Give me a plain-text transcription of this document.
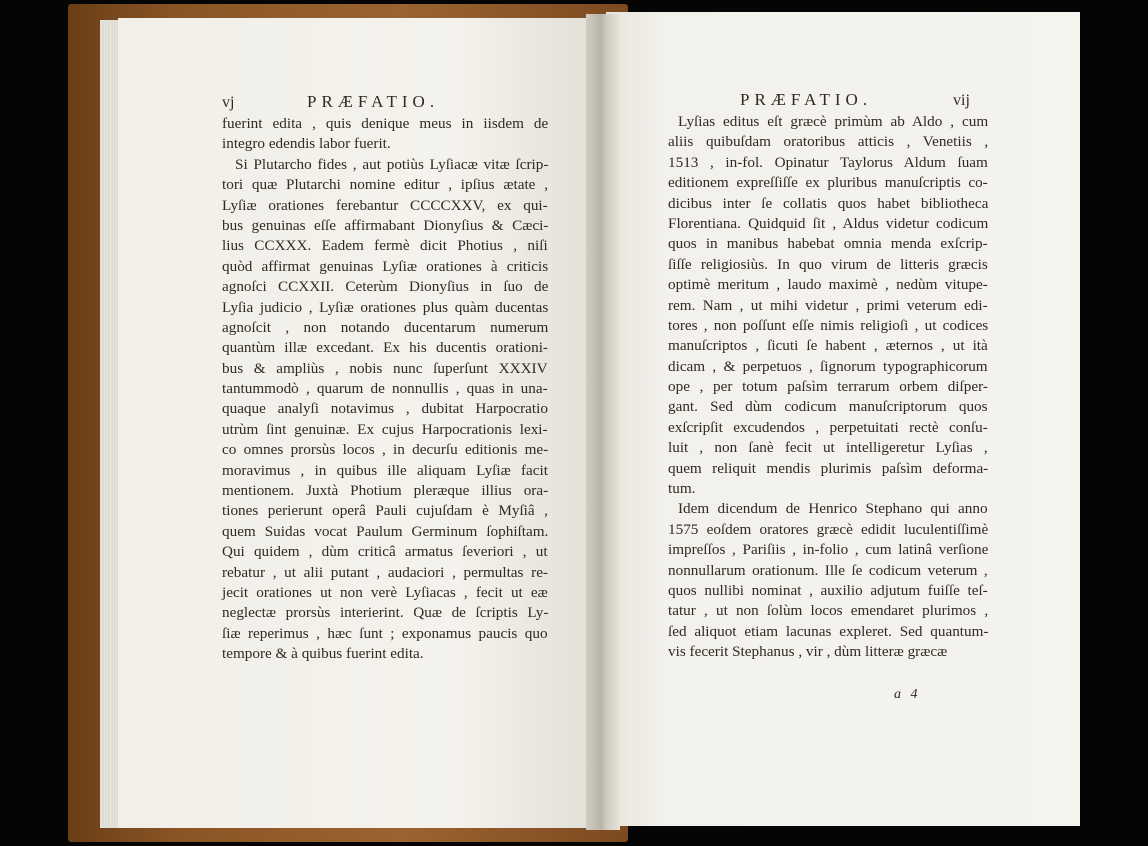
vj	PRÆFATIO.	PRÆFATIO.	vij
fuerint edita , quis denique meus in iisdem de
integro edendis labor fuerit.
Si Plutarcho fides , aut potiùs Lyſiacæ vitæ ſcrip-
tori quæ Plutarchi nomine editur , ipſius ætate ,
Lyſiæ orationes ferebantur CCCCXXV, ex qui-
bus genuinas eſſe affirmabant Dionyſius & Cæci-
lius CCXXX. Eadem fermè dicit Photius , niſi
quòd affirmat genuinas Lyſiæ orationes à criticis
agnoſci CCXXII. Ceterùm Dionyſius in ſuo de
Lyſia judicio , Lyſiæ orationes plus quàm ducentas
agnoſcit , non notando ducentarum numerum
quantùm illæ excedant. Ex his ducentis orationi-
bus & ampliùs , nobis nunc ſuperſunt XXXIV
tantummodò , quarum de nonnullis , quas in una-
quaque analyſi notavimus , dubitat Harpocratio
utrùm ſint genuinæ. Ex cujus Harpocrationis lexi-
co omnes prorsùs locos , in decurſu editionis me-
moravimus , in quibus ille aliquam Lyſiæ facit
mentionem. Juxtà Photium pleræque illius ora-
tiones perierunt operâ Pauli cujuſdam è Myſiâ ,
quem Suidas vocat Paulum Germinum ſophiſtam.
Qui quidem , dùm criticâ armatus ſeveriori , ut
rebatur , ut alii putant , audaciori , permultas re-
jecit orationes ut non verè Lyſiacas , fecit ut eæ
neglectæ prorsùs interierint. Quæ de ſcriptis Ly-
ſiæ reperimus , hæc ſunt ; exponamus paucis quo
tempore & à quibus fuerint edita.
Lyſias editus eſt græcè primùm ab Aldo , cum
aliis quibuſdam oratoribus atticis , Venetiis ,
1513 , in-fol. Opinatur Taylorus Aldum ſuam
editionem expreſſiſſe ex pluribus manuſcriptis co-
dicibus inter ſe collatis quos habet bibliotheca
Florentiana. Quidquid ſit , Aldus videtur codicum
quos in manibus habebat omnia menda exſcrip-
ſiſſe religiosiùs. In quo virum de litteris græcis
optimè meritum , laudo maximè , nedùm vitupe-
rem. Nam , ut mihi videtur , primi veterum edi-
tores , non poſſunt eſſe nimis religioſi , ut codices
manuſcriptos , ſicuti ſe habent , æternos , ut ità
dicam , & perpetuos , ſignorum typographicorum
ope , per totum paſsìm terrarum orbem diſper-
gant. Sed dùm codicum manuſcriptorum quos
exſcripſit excudendos , perpetuitati rectè conſu-
luit , non ſanè fecit ut intelligeretur Lyſias ,
quem reliquit mendis plurimis paſsìm deforma-
tum.
Idem dicendum de Henrico Stephano qui anno
1575 eoſdem oratores græcè edidit luculentiſſimè
impreſſos , Pariſiis , in-folio , cum latinâ verſione
nonnullarum orationum. Ille ſe codicum veterum ,
quos nullibi nominat , auxilio adjutum fuiſſe teſ-
tatur , ut non ſolùm locos emendaret plurimos ,
ſed aliquot etiam lacunas expleret. Sed quantum-
vis fecerit Stephanus , vir , dùm litteræ græcæ
a 4
